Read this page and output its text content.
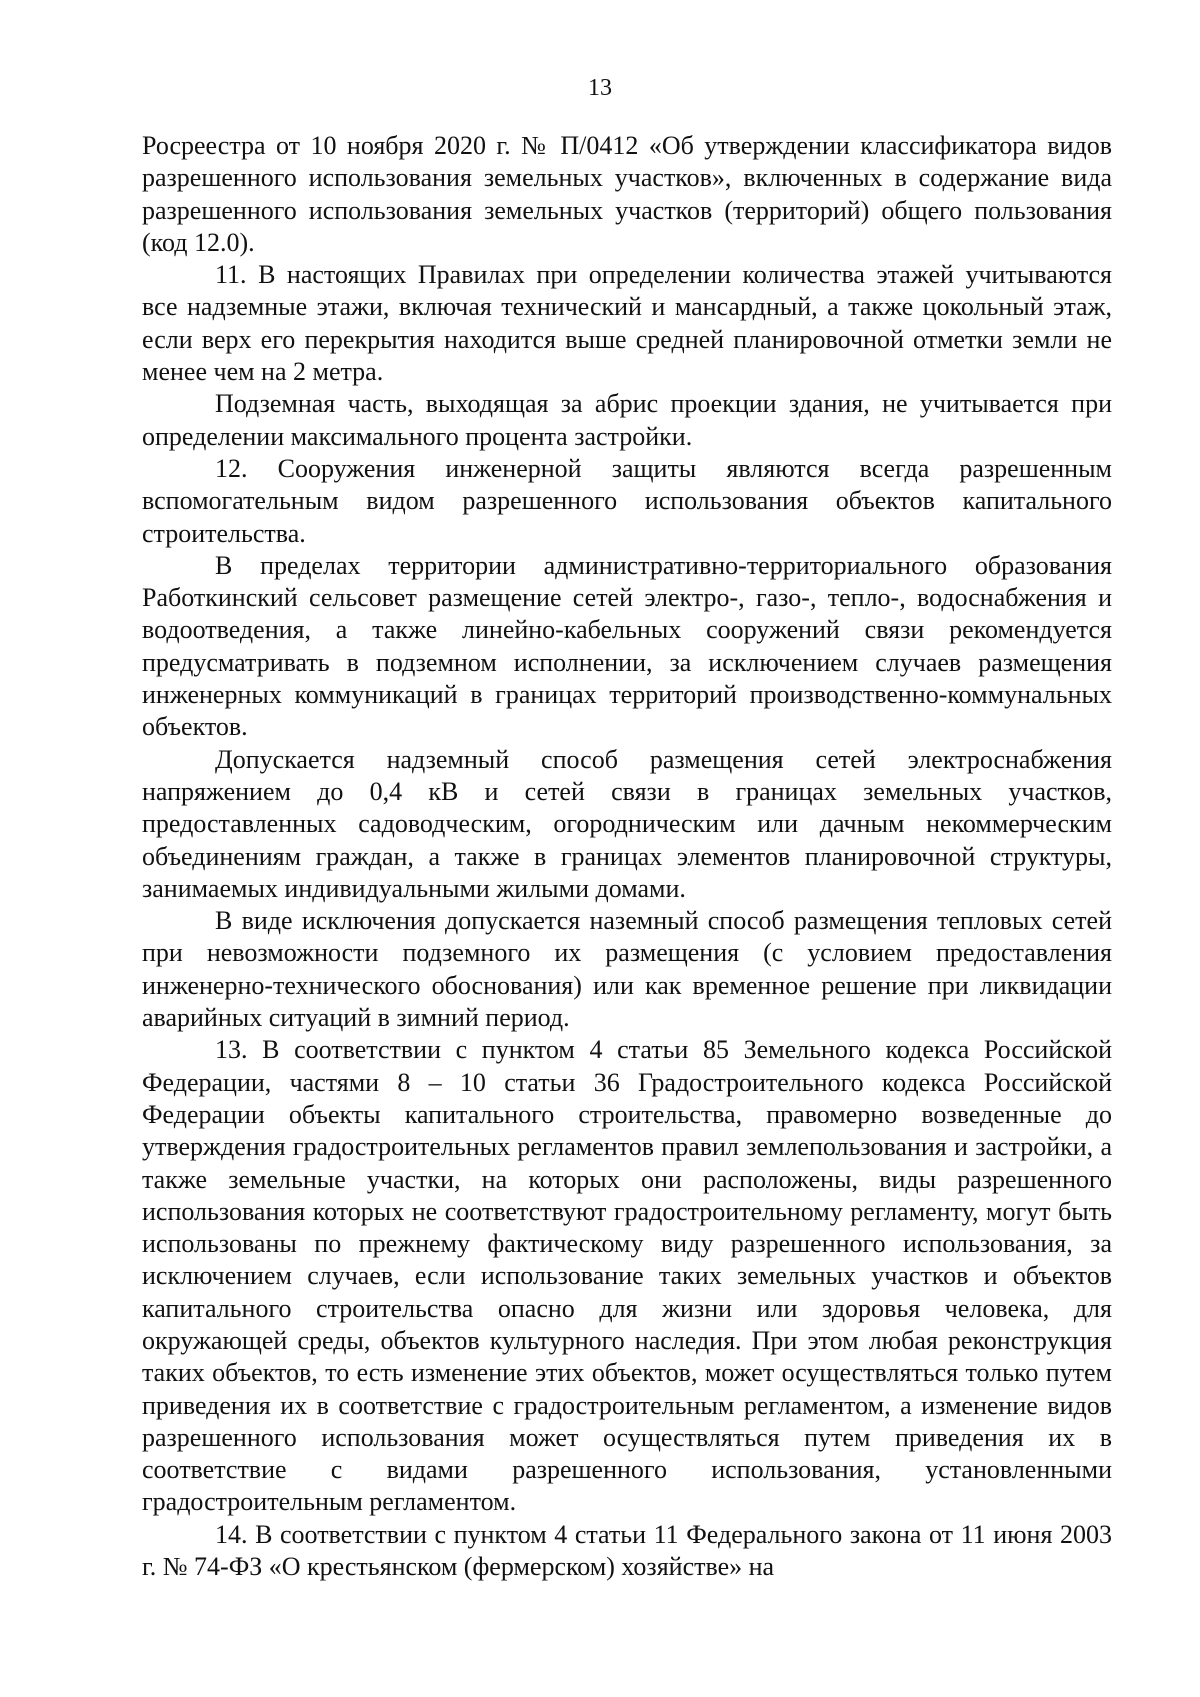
13

Росреестра от 10 ноября 2020 г. № П/0412 «Об утверждении классификатора видов разрешенного использования земельных участков», включенных в содержание вида разрешенного использования земельных участков (территорий) общего пользования (код 12.0).

11. В настоящих Правилах при определении количества этажей учитываются все надземные этажи, включая технический и мансардный, а также цокольный этаж, если верх его перекрытия находится выше средней планировочной отметки земли не менее чем на 2 метра.

Подземная часть, выходящая за абрис проекции здания, не учитывается при определении максимального процента застройки.

12. Сооружения инженерной защиты являются всегда разрешенным вспомогательным видом разрешенного использования объектов капитального строительства.

В пределах территории административно-территориального образования Работкинский сельсовет размещение сетей электро-, газо-, тепло-, водоснабжения и водоотведения, а также линейно-кабельных сооружений связи рекомендуется предусматривать в подземном исполнении, за исключением случаев размещения инженерных коммуникаций в границах территорий производственно-коммунальных объектов.

Допускается надземный способ размещения сетей электроснабжения напряжением до 0,4 кВ и сетей связи в границах земельных участков, предоставленных садоводческим, огородническим или дачным некоммерческим объединениям граждан, а также в границах элементов планировочной структуры, занимаемых индивидуальными жилыми домами.

В виде исключения допускается наземный способ размещения тепловых сетей при невозможности подземного их размещения (с условием предоставления инженерно-технического обоснования) или как временное решение при ликвидации аварийных ситуаций в зимний период.

13. В соответствии с пунктом 4 статьи 85 Земельного кодекса Российской Федерации, частями 8 – 10 статьи 36 Градостроительного кодекса Российской Федерации объекты капитального строительства, правомерно возведенные до утверждения градостроительных регламентов правил землепользования и застройки, а также земельные участки, на которых они расположены, виды разрешенного использования которых не соответствуют градостроительному регламенту, могут быть использованы по прежнему фактическому виду разрешенного использования, за исключением случаев, если использование таких земельных участков и объектов капитального строительства опасно для жизни или здоровья человека, для окружающей среды, объектов культурного наследия. При этом любая реконструкция таких объектов, то есть изменение этих объектов, может осуществляться только путем приведения их в соответствие с градостроительным регламентом, а изменение видов разрешенного использования может осуществляться путем приведения их в соответствие с видами разрешенного использования, установленными градостроительным регламентом.

14. В соответствии с пунктом 4 статьи 11 Федерального закона от 11 июня 2003 г. № 74-ФЗ «О крестьянском (фермерском) хозяйстве» на
